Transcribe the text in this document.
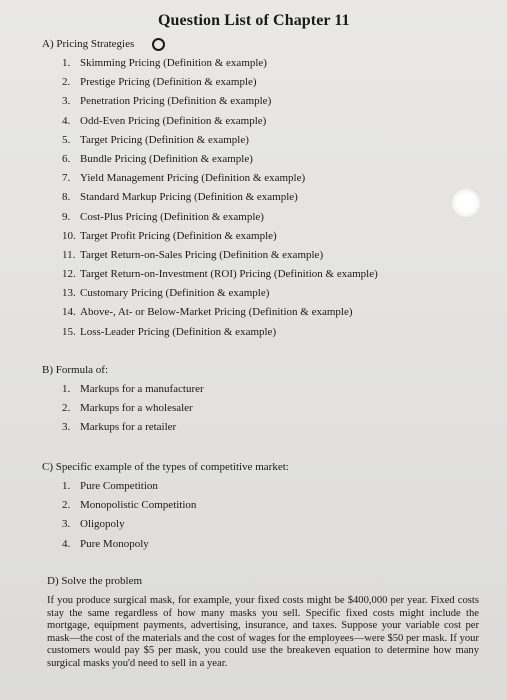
Question List of Chapter 11
A) Pricing Strategies
1. Skimming Pricing (Definition & example)
2. Prestige Pricing (Definition & example)
3. Penetration Pricing (Definition & example)
4. Odd-Even Pricing (Definition & example)
5. Target Pricing (Definition & example)
6. Bundle Pricing (Definition & example)
7. Yield Management Pricing (Definition & example)
8. Standard Markup Pricing (Definition & example)
9. Cost-Plus Pricing (Definition & example)
10. Target Profit Pricing (Definition & example)
11. Target Return-on-Sales Pricing (Definition & example)
12. Target Return-on-Investment (ROI) Pricing (Definition & example)
13. Customary Pricing (Definition & example)
14. Above-, At- or Below-Market Pricing (Definition & example)
15. Loss-Leader Pricing (Definition & example)
B) Formula of:
1. Markups for a manufacturer
2. Markups for a wholesaler
3. Markups for a retailer
C) Specific example of the types of competitive market:
1. Pure Competition
2. Monopolistic Competition
3. Oligopoly
4. Pure Monopoly
D) Solve the problem
If you produce surgical mask, for example, your fixed costs might be $400,000 per year. Fixed costs stay the same regardless of how many masks you sell. Specific fixed costs might include the mortgage, equipment payments, advertising, insurance, and taxes. Suppose your variable cost per mask—the cost of the materials and the cost of wages for the employees—were $50 per mask. If your customers would pay $5 per mask, you could use the breakeven equation to determine how many surgical masks you'd need to sell in a year.
